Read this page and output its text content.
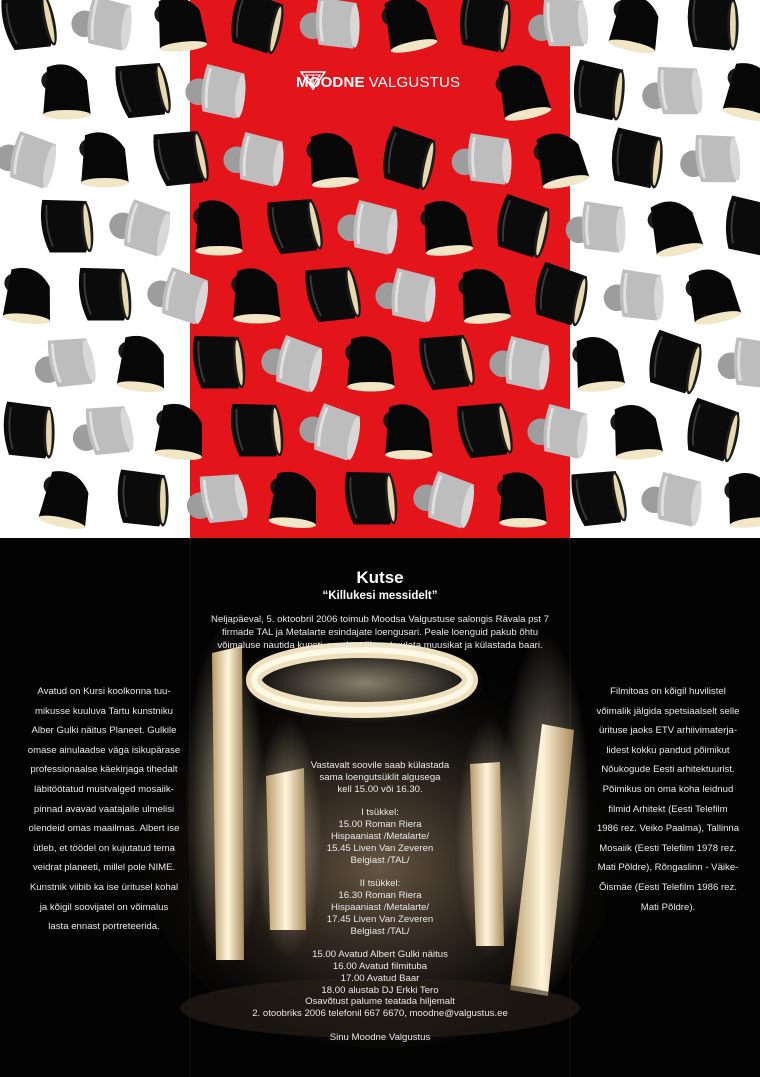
MOODNE VALGUSTUS
Kutse
“Killukesi messidelt”
Neljapäeval, 5. oktoobril 2006 toimub Moodsa Valgustuse salongis Rävala pst 7
firmade TAL ja Metalarte esindajate loengusari. Peale loenguid pakub õhtu
võimaluse nautida kunsti, vaadata filme, kuulata muusikat ja külastada baari.

Avatud on Kursi koolkonna tuu-

mikusse kuuluva Tartu kunstniku

Alber Gulki näitus Planeet. Gulkile

omase ainulaadse väga isikupärase

professionaalse käekirjaga tihedalt

läbitöötatud mustvalged mosaiik-

pinnad avavad vaatajaile ulmelisi

olendeid omas maailmas. Albert ise

ütleb, et töödel on kujutatud tema

veidrat planeeti, millel pole NIME.

Kunstnik viibib ka ise üritusel kohal

ja kõigil soovijatel on võimalus

lasta ennast portreteerida.

Filmitoas on kõigil huvilistel

võimalik jälgida spetsiaalselt selle

ürituse jaoks ETV arhiivimaterja-

lidest kokku pandud põimikut

Nõukogude Eesti arhitektuurist.

Põimikus on oma koha leidnud

filmid Arhitekt (Eesti Telefilm

1986 rez. Veiko Paalma), Tallinna

Mosaiik (Eesti Telefilm 1978 rez.

Mati Põldre), Rõngaslinn - Väike-

Õismäe (Eesti Telefilm 1986 rez.

Mati Põldre).

Vastavalt soovile saab külastada
sama loengutsüklit algusega
kell 15.00 või 16.30.
I tsükkel:
15.00 Roman Riera
Hispaaniast /Metalarte/
15.45 Liven Van Zeveren
Belgiast /TAL/
II tsükkel:
16.30 Roman Riera
Hispaaniast /Metalarte/
17.45 Liven Van Zeveren
Belgiast /TAL/
15.00 Avatud Albert Gulki näitus
16.00 Avatud filmituba
17.00 Avatud Baar
18.00 alustab DJ Erkki Tero
Osavõtust palume teatada hiljemalt
2. otoobriks 2006 telefonil 667 6670, moodne@valgustus.ee
Sinu Moodne Valgustus
